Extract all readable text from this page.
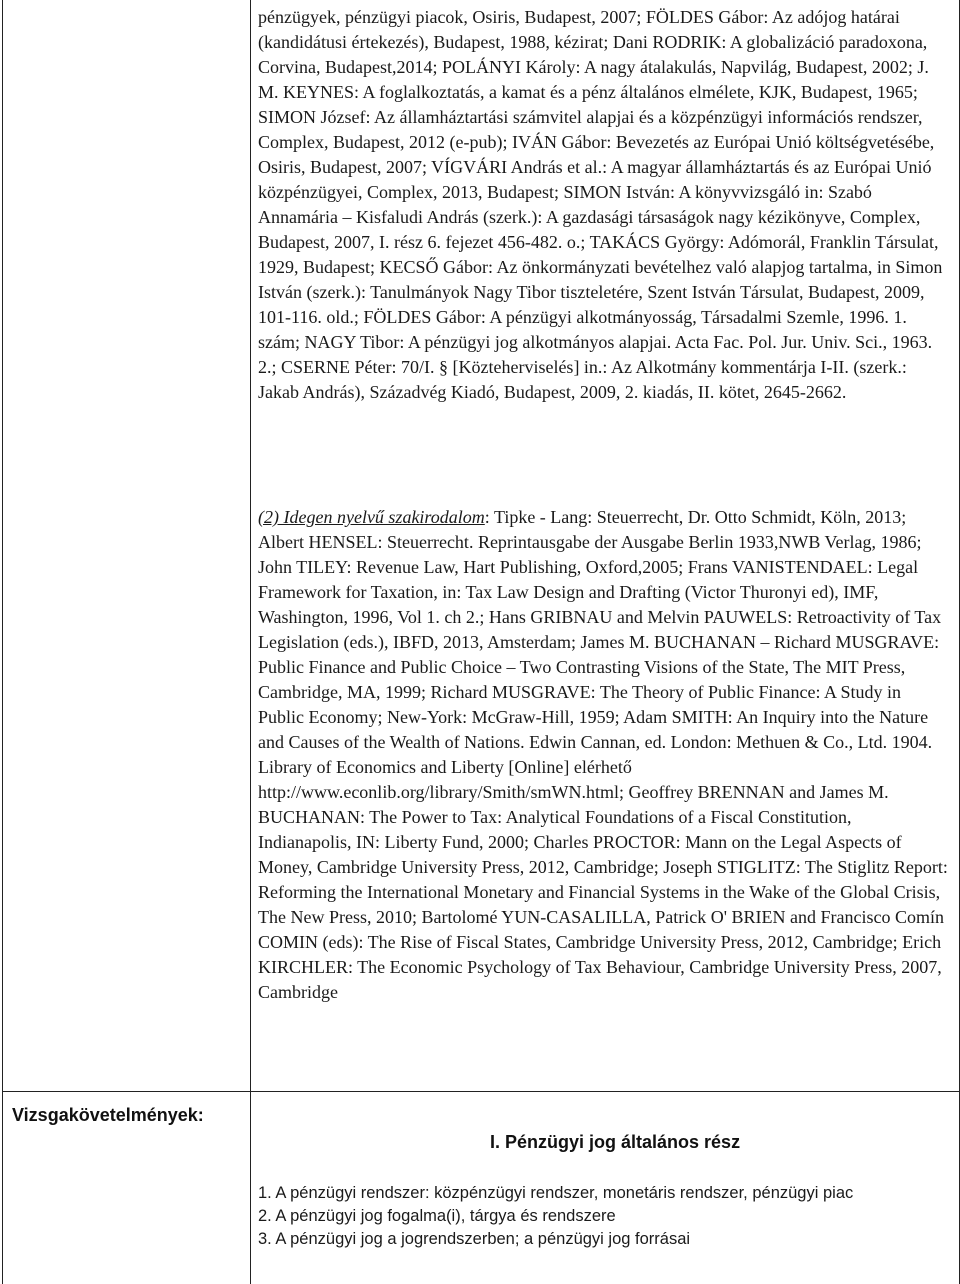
pénzügyek, pénzügyi piacok, Osiris, Budapest, 2007; FÖLDES Gábor: Az adójog határai (kandidátusi értekezés), Budapest, 1988, kézirat; Dani RODRIK: A globalizáció paradoxona, Corvina, Budapest,2014; POLÁNYI Károly: A nagy átalakulás, Napvilág, Budapest, 2002; J. M. KEYNES: A foglalkoztatás, a kamat és a pénz általános elmélete, KJK, Budapest, 1965; SIMON József: Az államháztartási számvitel alapjai és a közpénzügyi információs rendszer, Complex, Budapest, 2012 (e-pub); IVÁN Gábor: Bevezetés az Európai Unió költségvetésébe, Osiris, Budapest, 2007; VÍGVÁRI András et al.: A magyar államháztartás és az Európai Unió közpénzügyei, Complex, 2013, Budapest; SIMON István: A könyvvizsgáló in: Szabó Annamária – Kisfaludi András (szerk.): A gazdasági társaságok nagy kézikönyve, Complex, Budapest, 2007, I. rész 6. fejezet 456-482. o.; TAKÁCS György: Adómorál, Franklin Társulat, 1929, Budapest; KECSŐ Gábor: Az önkormányzati bevételhez való alapjog tartalma, in Simon István (szerk.): Tanulmányok Nagy Tibor tiszteletére, Szent István Társulat, Budapest, 2009, 101-116. old.; FÖLDES Gábor: A pénzügyi alkotmányosság, Társadalmi Szemle, 1996. 1. szám; NAGY Tibor: A pénzügyi jog alkotmányos alapjai. Acta Fac. Pol. Jur. Univ. Sci., 1963. 2.; CSERNE Péter: 70/I. § [Közteherviselés] in.: Az Alkotmány kommentárja I-II. (szerk.: Jakab András), Századvég Kiadó, Budapest, 2009, 2. kiadás, II. kötet, 2645-2662.
(2) Idegen nyelvű szakirodalom: Tipke - Lang: Steuerrecht, Dr. Otto Schmidt, Köln, 2013; Albert HENSEL: Steuerrecht. Reprintausgabe der Ausgabe Berlin 1933,NWB Verlag, 1986; John TILEY: Revenue Law, Hart Publishing, Oxford,2005; Frans VANISTENDAEL: Legal Framework for Taxation, in: Tax Law Design and Drafting (Victor Thuronyi ed), IMF, Washington, 1996, Vol 1. ch 2.; Hans GRIBNAU and Melvin PAUWELS: Retroactivity of Tax Legislation (eds.), IBFD, 2013, Amsterdam; James M. BUCHANAN – Richard MUSGRAVE: Public Finance and Public Choice – Two Contrasting Visions of the State, The MIT Press, Cambridge, MA, 1999; Richard MUSGRAVE: The Theory of Public Finance: A Study in Public Economy; New-York: McGraw-Hill, 1959; Adam SMITH: An Inquiry into the Nature and Causes of the Wealth of Nations. Edwin Cannan, ed. London: Methuen & Co., Ltd. 1904. Library of Economics and Liberty [Online] elérhető http://www.econlib.org/library/Smith/smWN.html; Geoffrey BRENNAN and James M. BUCHANAN: The Power to Tax: Analytical Foundations of a Fiscal Constitution, Indianapolis, IN: Liberty Fund, 2000; Charles PROCTOR: Mann on the Legal Aspects of Money, Cambridge University Press, 2012, Cambridge; Joseph STIGLITZ: The Stiglitz Report: Reforming the International Monetary and Financial Systems in the Wake of the Global Crisis, The New Press, 2010; Bartolomé YUN-CASALILLA, Patrick O' BRIEN and Francisco Comín COMIN (eds): The Rise of Fiscal States, Cambridge University Press, 2012, Cambridge; Erich KIRCHLER: The Economic Psychology of Tax Behaviour, Cambridge University Press, 2007, Cambridge
Vizsgakövetelmények:
I. Pénzügyi jog általános rész

1. A pénzügyi rendszer: közpénzügyi rendszer, monetáris rendszer, pénzügyi piac

2. A pénzügyi jog fogalma(i), tárgya és rendszere

3. A pénzügyi jog a jogrendszerben; a pénzügyi jog forrásai
